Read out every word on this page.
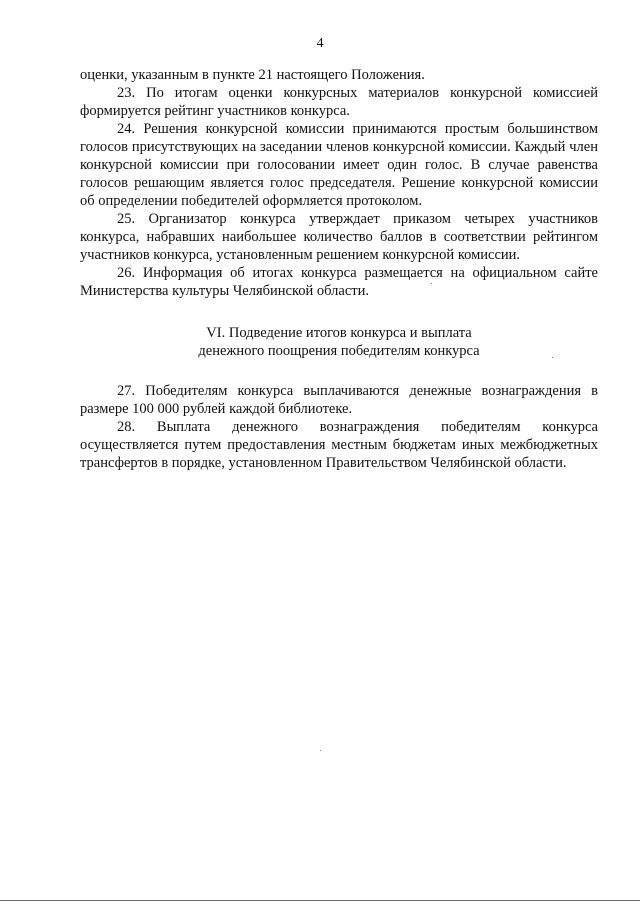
4

оценки, указанным в пункте 21 настоящего Положения.

23. По итогам оценки конкурсных материалов конкурсной комиссией формируется рейтинг участников конкурса.

24. Решения конкурсной комиссии принимаются простым большинством голосов присутствующих на заседании членов конкурсной комиссии. Каждый член конкурсной комиссии при голосовании имеет один голос. В случае равенства голосов решающим является голос председателя. Решение конкурсной комиссии об определении победителей оформляется протоколом.

25. Организатор конкурса утверждает приказом четырех участников конкурса, набравших наибольшее количество баллов в соответствии рейтингом участников конкурса, установленным решением конкурсной комиссии.

26. Информация об итогах конкурса размещается на официальном сайте Министерства культуры Челябинской области.

VI. Подведение итогов конкурса и выплата
денежного поощрения победителям конкурса

27. Победителям конкурса выплачиваются денежные вознаграждения в размере 100 000 рублей каждой библиотеке.

28. Выплата денежного вознаграждения победителям конкурса осуществляется путем предоставления местным бюджетам иных межбюджетных трансфертов в порядке, установленном Правительством Челябинской области.
